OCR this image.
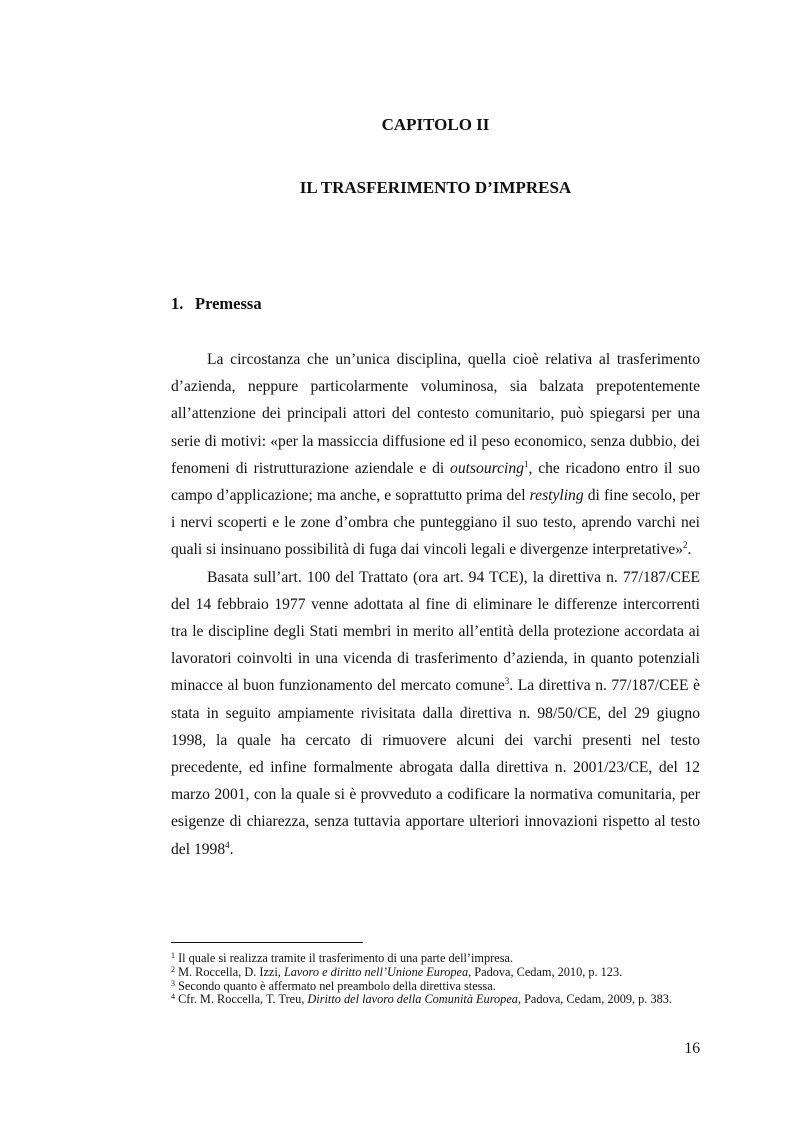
CAPITOLO II
IL TRASFERIMENTO D’IMPRESA
1. Premessa

La circostanza che un’unica disciplina, quella cioè relativa al trasferimento d’azienda, neppure particolarmente voluminosa, sia balzata prepotentemente all’attenzione dei principali attori del contesto comunitario, può spiegarsi per una serie di motivi: «per la massiccia diffusione ed il peso economico, senza dubbio, dei fenomeni di ristrutturazione aziendale e di outsourcing$^1$, che ricadono entro il suo campo d’applicazione; ma anche, e soprattutto prima del restyling di fine secolo, per i nervi scoperti e le zone d’ombra che punteggiano il suo testo, aprendo varchi nei quali si insinuano possibilità di fuga dai vincoli legali e divergenze interpretative»$^2$.

Basata sull’art. 100 del Trattato (ora art. 94 TCE), la direttiva n. 77/187/CEE del 14 febbraio 1977 venne adottata al fine di eliminare le differenze intercorrenti tra le discipline degli Stati membri in merito all’entità della protezione accordata ai lavoratori coinvolti in una vicenda di trasferimento d’azienda, in quanto potenziali minacce al buon funzionamento del mercato comune$^3$. La direttiva n. 77/187/CEE è stata in seguito ampiamente rivisitata dalla direttiva n. 98/50/CE, del 29 giugno 1998, la quale ha cercato di rimuovere alcuni dei varchi presenti nel testo precedente, ed infine formalmente abrogata dalla direttiva n. 2001/23/CE, del 12 marzo 2001, con la quale si è provveduto a codificare la normativa comunitaria, per esigenze di chiarezza, senza tuttavia apportare ulteriori innovazioni rispetto al testo del 1998$^4$.

$^1$ Il quale si realizza tramite il trasferimento di una parte dell’impresa.

$^2$ M. Roccella, D. Izzi, Lavoro e diritto nell’Unione Europea, Padova, Cedam, 2010, p. 123.

$^3$ Secondo quanto è affermato nel preambolo della direttiva stessa.

$^4$ Cfr. M. Roccella, T. Treu, Diritto del lavoro della Comunità Europea, Padova, Cedam, 2009, p. 383.

16
